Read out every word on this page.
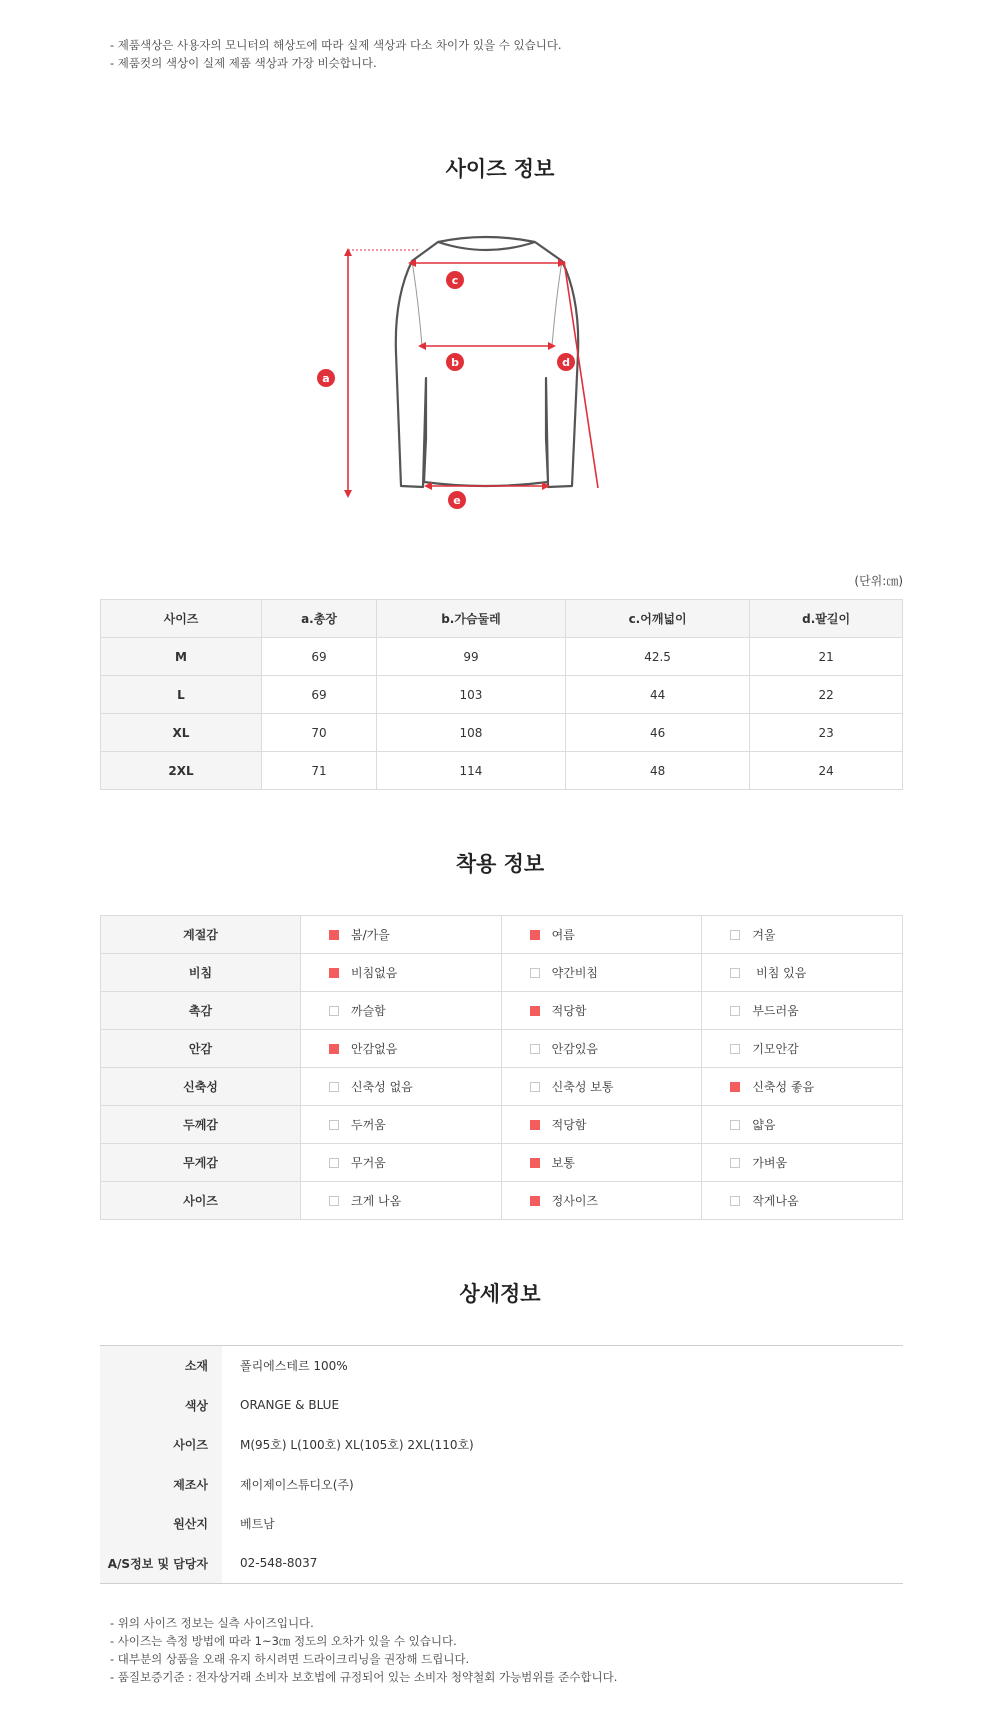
- 제품색상은 사용자의 모니터의 해상도에 따라 실제 색상과 다소 차이가 있을 수 있습니다.
- 제품컷의 색상이 실제 제품 색상과 가장 비슷합니다.
사이즈 정보
a
b
c
d
e
(단위:㎝)
사이즈	a.총장	b.가슴둘레	c.어깨넓이	d.팔길이
M	69	99	42.5	21
L	69	103	44	22
XL	70	108	46	23
2XL	71	114	48	24
착용 정보
계절감	봄/가을	여름	겨울
비침	비침없음	약간비침	비침 있음
촉감	까슬함	적당함	부드러움
안감	안감없음	안감있음	기모안감
신축성	신축성 없음	신축성 보통	신축성 좋음
두께감	두꺼움	적당함	얇음
무게감	무거움	보통	가벼움
사이즈	크게 나옴	정사이즈	작게나옴
상세정보
소재	폴리에스테르 100%
색상	ORANGE & BLUE
사이즈	M(95호) L(100호) XL(105호) 2XL(110호)
제조사	제이제이스튜디오(주)
원산지	베트남
A/S정보 및 담당자	02-548-8037
- 위의 사이즈 정보는 실측 사이즈입니다.
- 사이즈는 측정 방법에 따라 1~3㎝ 정도의 오차가 있을 수 있습니다.
- 대부분의 상품을 오래 유지 하시려면 드라이크리닝을 권장해 드립니다.
- 품질보증기준 : 전자상거래 소비자 보호법에 규정되어 있는 소비자 청약철회 가능범위를 준수합니다.
